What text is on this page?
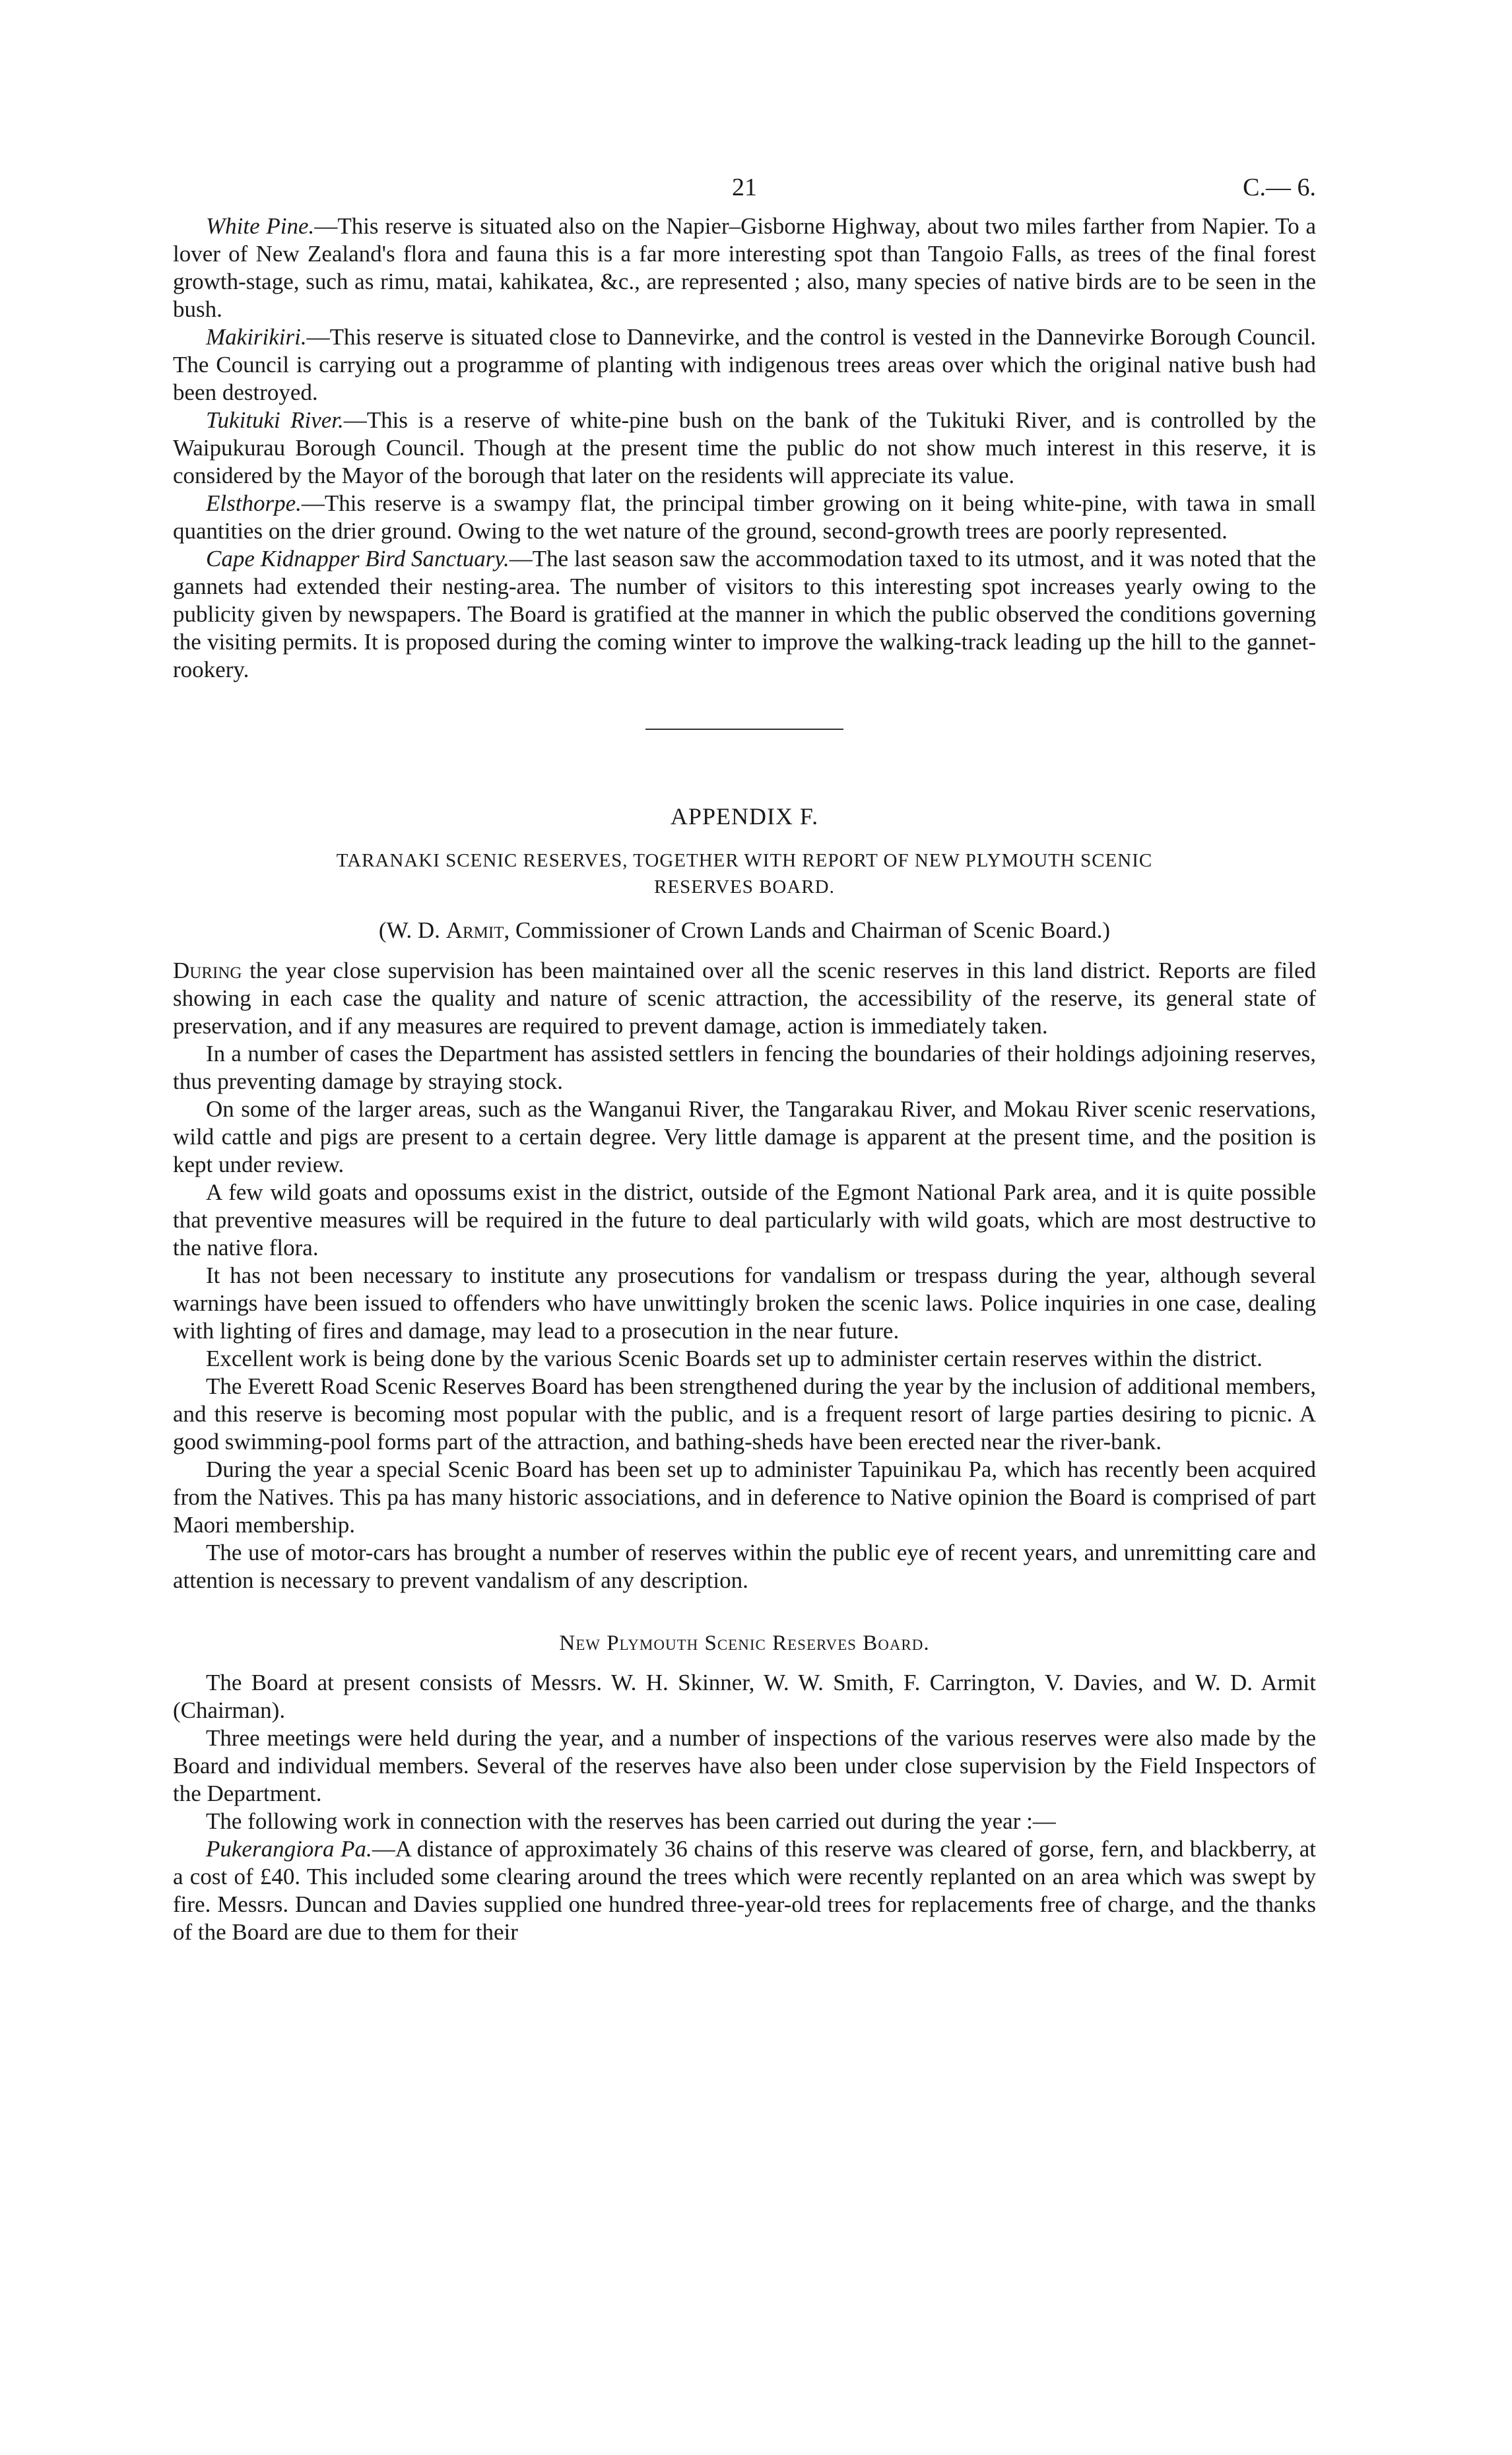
21	C.— 6.

White Pine.—This reserve is situated also on the Napier–Gisborne Highway, about two miles farther from Napier. To a lover of New Zealand's flora and fauna this is a far more interesting spot than Tangoio Falls, as trees of the final forest growth-stage, such as rimu, matai, kahikatea, &c., are represented ; also, many species of native birds are to be seen in the bush.

Makirikiri.—This reserve is situated close to Dannevirke, and the control is vested in the Dannevirke Borough Council. The Council is carrying out a programme of planting with indigenous trees areas over which the original native bush had been destroyed.

Tukituki River.—This is a reserve of white-pine bush on the bank of the Tukituki River, and is controlled by the Waipukurau Borough Council. Though at the present time the public do not show much interest in this reserve, it is considered by the Mayor of the borough that later on the residents will appreciate its value.

Elsthorpe.—This reserve is a swampy flat, the principal timber growing on it being white-pine, with tawa in small quantities on the drier ground. Owing to the wet nature of the ground, second-growth trees are poorly represented.

Cape Kidnapper Bird Sanctuary.—The last season saw the accommodation taxed to its utmost, and it was noted that the gannets had extended their nesting-area. The number of visitors to this interesting spot increases yearly owing to the publicity given by newspapers. The Board is gratified at the manner in which the public observed the conditions governing the visiting permits. It is proposed during the coming winter to improve the walking-track leading up the hill to the gannet-rookery.

APPENDIX F.
TARANAKI SCENIC RESERVES, TOGETHER WITH REPORT OF NEW PLYMOUTH SCENIC RESERVES BOARD.
(W. D. Armit, Commissioner of Crown Lands and Chairman of Scenic Board.)

During the year close supervision has been maintained over all the scenic reserves in this land district. Reports are filed showing in each case the quality and nature of scenic attraction, the accessibility of the reserve, its general state of preservation, and if any measures are required to prevent damage, action is immediately taken.

In a number of cases the Department has assisted settlers in fencing the boundaries of their holdings adjoining reserves, thus preventing damage by straying stock.

On some of the larger areas, such as the Wanganui River, the Tangarakau River, and Mokau River scenic reservations, wild cattle and pigs are present to a certain degree. Very little damage is apparent at the present time, and the position is kept under review.

A few wild goats and opossums exist in the district, outside of the Egmont National Park area, and it is quite possible that preventive measures will be required in the future to deal particularly with wild goats, which are most destructive to the native flora.

It has not been necessary to institute any prosecutions for vandalism or trespass during the year, although several warnings have been issued to offenders who have unwittingly broken the scenic laws. Police inquiries in one case, dealing with lighting of fires and damage, may lead to a prosecution in the near future.

Excellent work is being done by the various Scenic Boards set up to administer certain reserves within the district.

The Everett Road Scenic Reserves Board has been strengthened during the year by the inclusion of additional members, and this reserve is becoming most popular with the public, and is a frequent resort of large parties desiring to picnic. A good swimming-pool forms part of the attraction, and bathing-sheds have been erected near the river-bank.

During the year a special Scenic Board has been set up to administer Tapuinikau Pa, which has recently been acquired from the Natives. This pa has many historic associations, and in deference to Native opinion the Board is comprised of part Maori membership.

The use of motor-cars has brought a number of reserves within the public eye of recent years, and unremitting care and attention is necessary to prevent vandalism of any description.

New Plymouth Scenic Reserves Board.

The Board at present consists of Messrs. W. H. Skinner, W. W. Smith, F. Carrington, V. Davies, and W. D. Armit (Chairman).

Three meetings were held during the year, and a number of inspections of the various reserves were also made by the Board and individual members. Several of the reserves have also been under close supervision by the Field Inspectors of the Department.

The following work in connection with the reserves has been carried out during the year :—

Pukerangiora Pa.—A distance of approximately 36 chains of this reserve was cleared of gorse, fern, and blackberry, at a cost of £40. This included some clearing around the trees which were recently replanted on an area which was swept by fire. Messrs. Duncan and Davies supplied one hundred three-year-old trees for replacements free of charge, and the thanks of the Board are due to them for their
